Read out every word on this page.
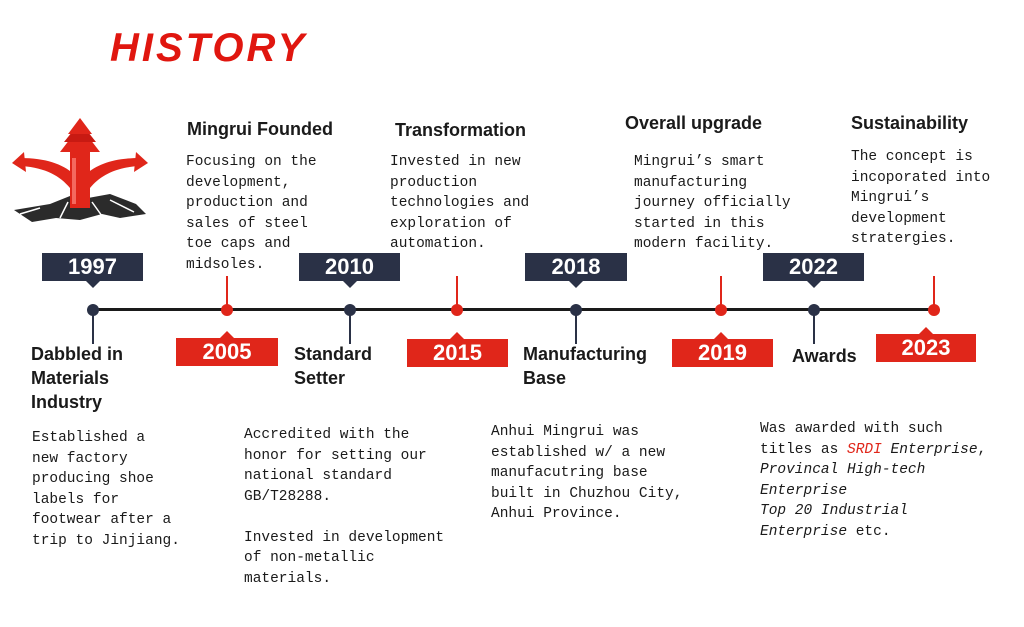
HISTORY
1997
Dabbled in
Materials
Industry
Established a
new factory
producing shoe
labels for
footwear after a
trip to Jinjiang.
Mingrui Founded
Focusing on the
development,
production and
sales of steel
toe caps and
midsoles.
2005
2010
Standard
Setter
Accredited with the
honor for setting our
national standard
GB/T28288.

Invested in development
of non-metallic
materials.
Transformation
Invested in new
production
technologies and
exploration of
automation.
2015
2018
Manufacturing
Base
Anhui Mingrui was
established w/ a new
manufacutring base
built in Chuzhou City,
Anhui Province.
Overall upgrade
Mingrui’s smart
manufacturing
journey officially
started in this
modern facility.
2019
2022
Awards
Was awarded with such
titles as SRDI Enterprise,
Provincal High-tech
Enterprise
Top 20 Industrial
Enterprise etc.
Sustainability
The concept is
incoporated into
Mingrui’s
development
stratergies.
2023
